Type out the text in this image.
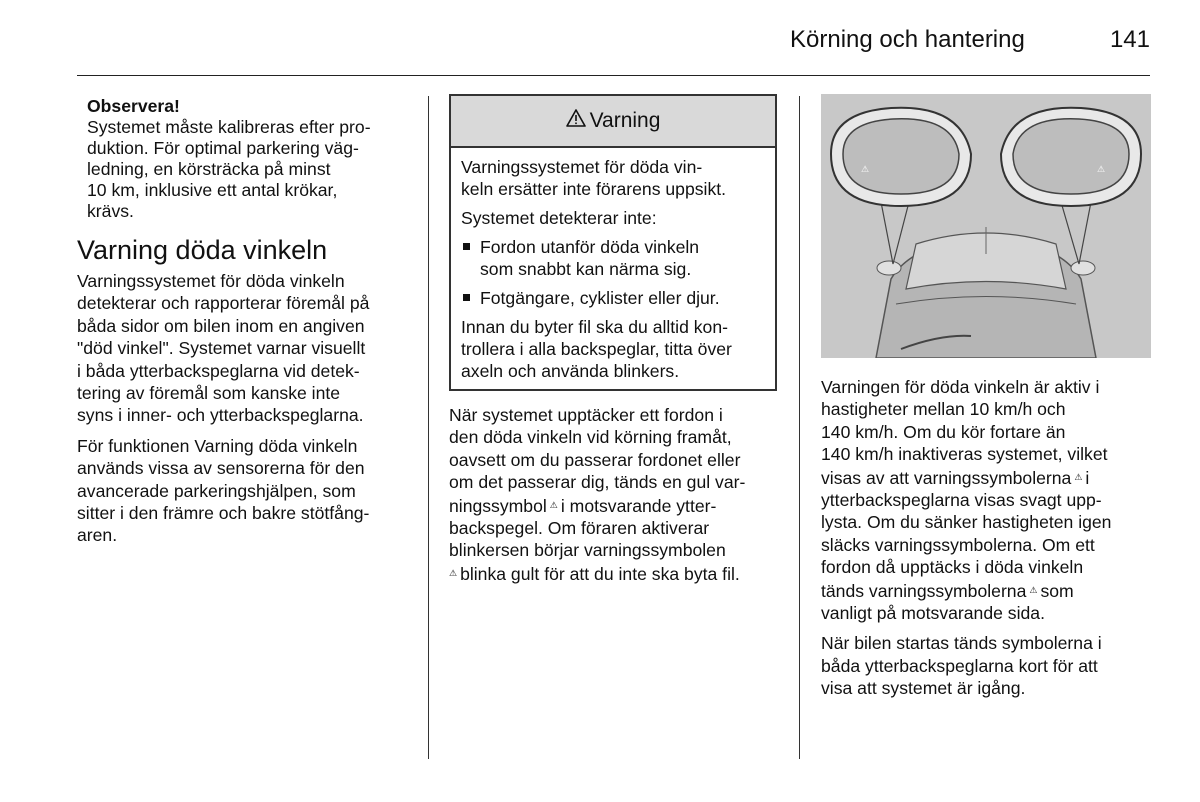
Körning och hantering	141

Observera!

Systemet måste kalibreras efter pro-

duktion. För optimal parkering väg-

ledning, en körsträcka på minst

10 km, inklusive ett antal krökar,

krävs.

Varning döda vinkeln

Varningssystemet för döda vinkeln
detekterar och rapporterar föremål på
båda sidor om bilen inom en angiven
"död vinkel". Systemet varnar visuellt
i båda ytterbackspeglarna vid detek-
tering av föremål som kanske inte
syns i inner- och ytterbackspeglarna.

För funktionen Varning döda vinkeln
används vissa av sensorerna för den
avancerade parkeringshjälpen, som
sitter i den främre och bakre stötfång-
aren.

Varning

Varningssystemet för döda vin-
keln ersätter inte förarens uppsikt.

Systemet detekterar inte:

Fordon utanför döda vinkeln
som snabbt kan närma sig.
Fotgängare, cyklister eller djur.

Innan du byter fil ska du alltid kon-
trollera i alla backspeglar, titta över
axeln och använda blinkers.

När systemet upptäcker ett fordon i
den döda vinkeln vid körning framåt,
oavsett om du passerar fordonet eller
om det passerar dig, tänds en gul var-
ningssymbol ⚠ i motsvarande ytter-
backspegel. Om föraren aktiverar
blinkersen börjar varningssymbolen
⚠ blinka gult för att du inte ska byta fil.

⚠	⚠

Varningen för döda vinkeln är aktiv i
hastigheter mellan 10 km/h och
140 km/h. Om du kör fortare än
140 km/h inaktiveras systemet, vilket
visas av att varningssymbolerna ⚠ i
ytterbackspeglarna visas svagt upp-
lysta. Om du sänker hastigheten igen
släcks varningssymbolerna. Om ett
fordon då upptäcks i döda vinkeln
tänds varningssymbolerna ⚠ som
vanligt på motsvarande sida.

När bilen startas tänds symbolerna i
båda ytterbackspeglarna kort för att
visa att systemet är igång.
